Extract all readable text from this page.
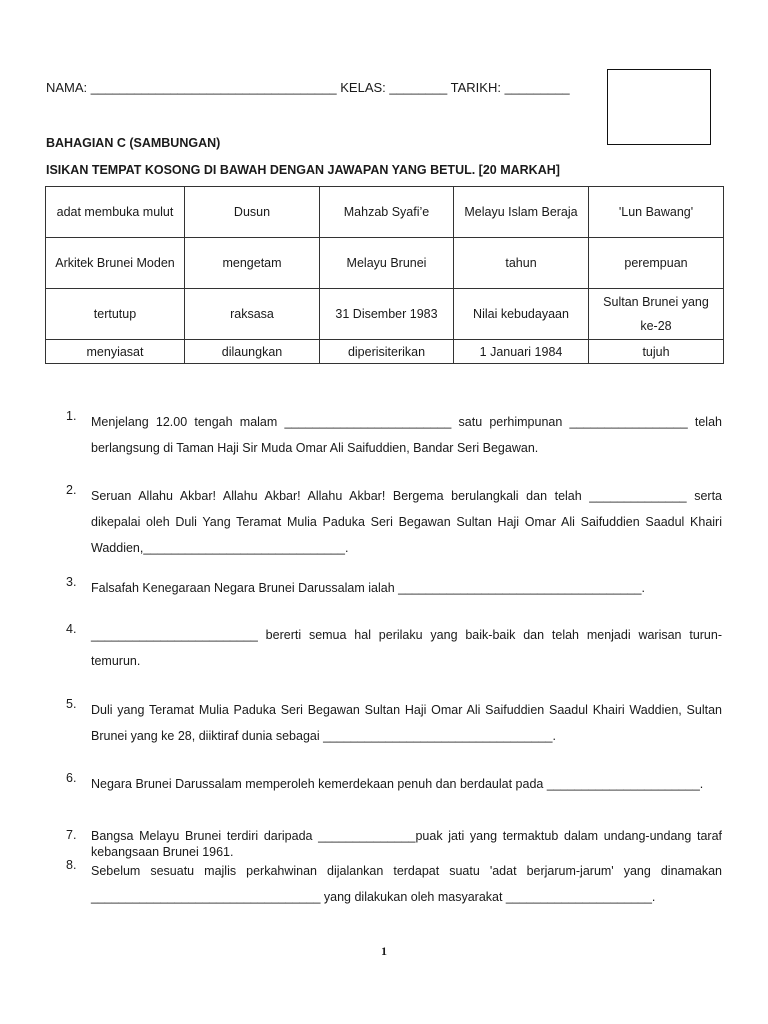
NAMA: __________________________________ KELAS: ________ TARIKH: _________
BAHAGIAN C (SAMBUNGAN)
ISIKAN TEMPAT KOSONG DI BAWAH DENGAN JAWAPAN YANG BETUL. [20 MARKAH]
adat membuka mulut	Dusun	Mahzab Syafi’e	Melayu Islam Beraja	'Lun Bawang'
Arkitek Brunei Moden	mengetam	Melayu Brunei	tahun	perempuan
tertutup	raksasa	31 Disember 1983	Nilai kebudayaan	Sultan Brunei yang ke-28
menyiasat	dilaungkan	diperisiterikan	1 Januari 1984	tujuh
1.	Menjelang 12.00 tengah malam ________________________ satu perhimpunan _________________ telah berlangsung di Taman Haji Sir Muda Omar Ali Saifuddien, Bandar Seri Begawan.
2.	Seruan Allahu Akbar! Allahu Akbar! Allahu Akbar! Bergema berulangkali dan telah ______________ serta dikepalai oleh Duli Yang Teramat Mulia Paduka Seri Begawan Sultan Haji Omar Ali Saifuddien Saadul Khairi Waddien,_____________________________.
3.	Falsafah Kenegaraan Negara Brunei Darussalam ialah ___________________________________.
4.	________________________ bererti semua hal perilaku yang baik-baik dan telah menjadi warisan turun-temurun.
5.	Duli yang Teramat Mulia Paduka Seri Begawan Sultan Haji Omar Ali Saifuddien Saadul Khairi Waddien, Sultan Brunei yang ke 28, diiktiraf dunia sebagai _________________________________.
6.	Negara Brunei Darussalam memperoleh kemerdekaan penuh dan berdaulat pada ______________________.
7.	Bangsa Melayu Brunei terdiri daripada ______________puak jati yang termaktub dalam undang-undang taraf kebangsaan Brunei 1961.
8.	Sebelum sesuatu majlis perkahwinan dijalankan terdapat suatu 'adat berjarum-jarum' yang dinamakan _________________________________ yang dilakukan oleh masyarakat _____________________.
1
